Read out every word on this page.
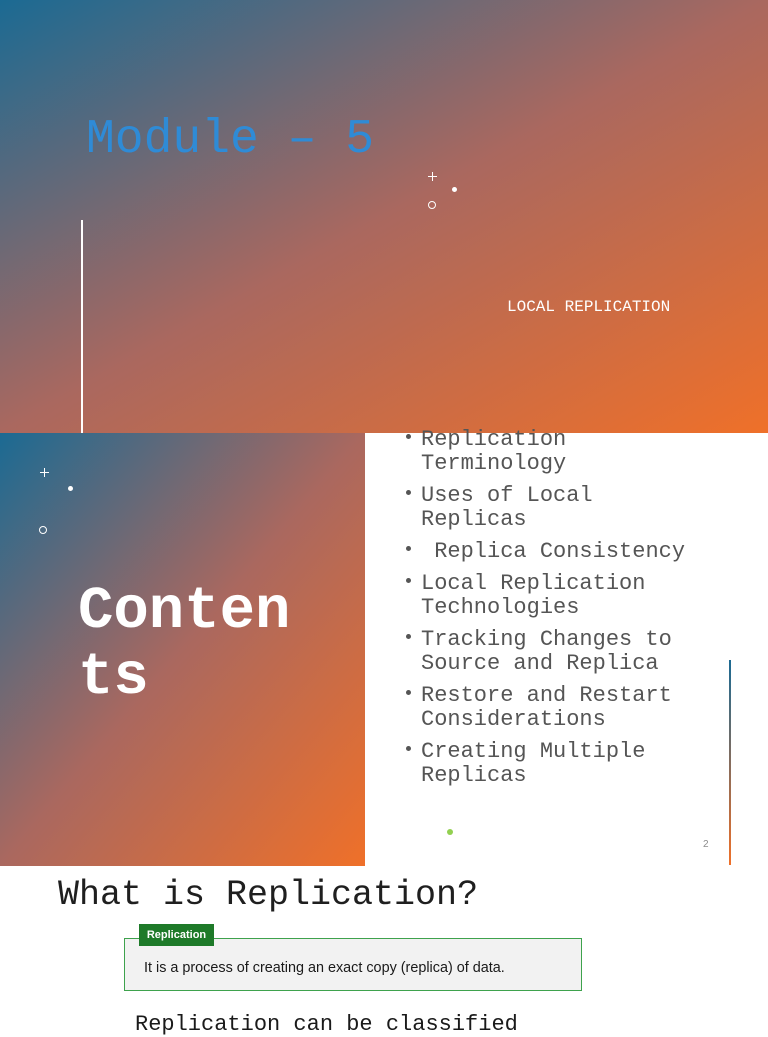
Module – 5
LOCAL REPLICATION
Contents
Replication Terminology
Uses of Local Replicas
Replica Consistency
Local Replication Technologies
Tracking Changes to Source and Replica
Restore and Restart Considerations
Creating Multiple Replicas
2
What is Replication?
Replication
It is a process of creating an exact copy (replica) of data.
Replication can be classified
